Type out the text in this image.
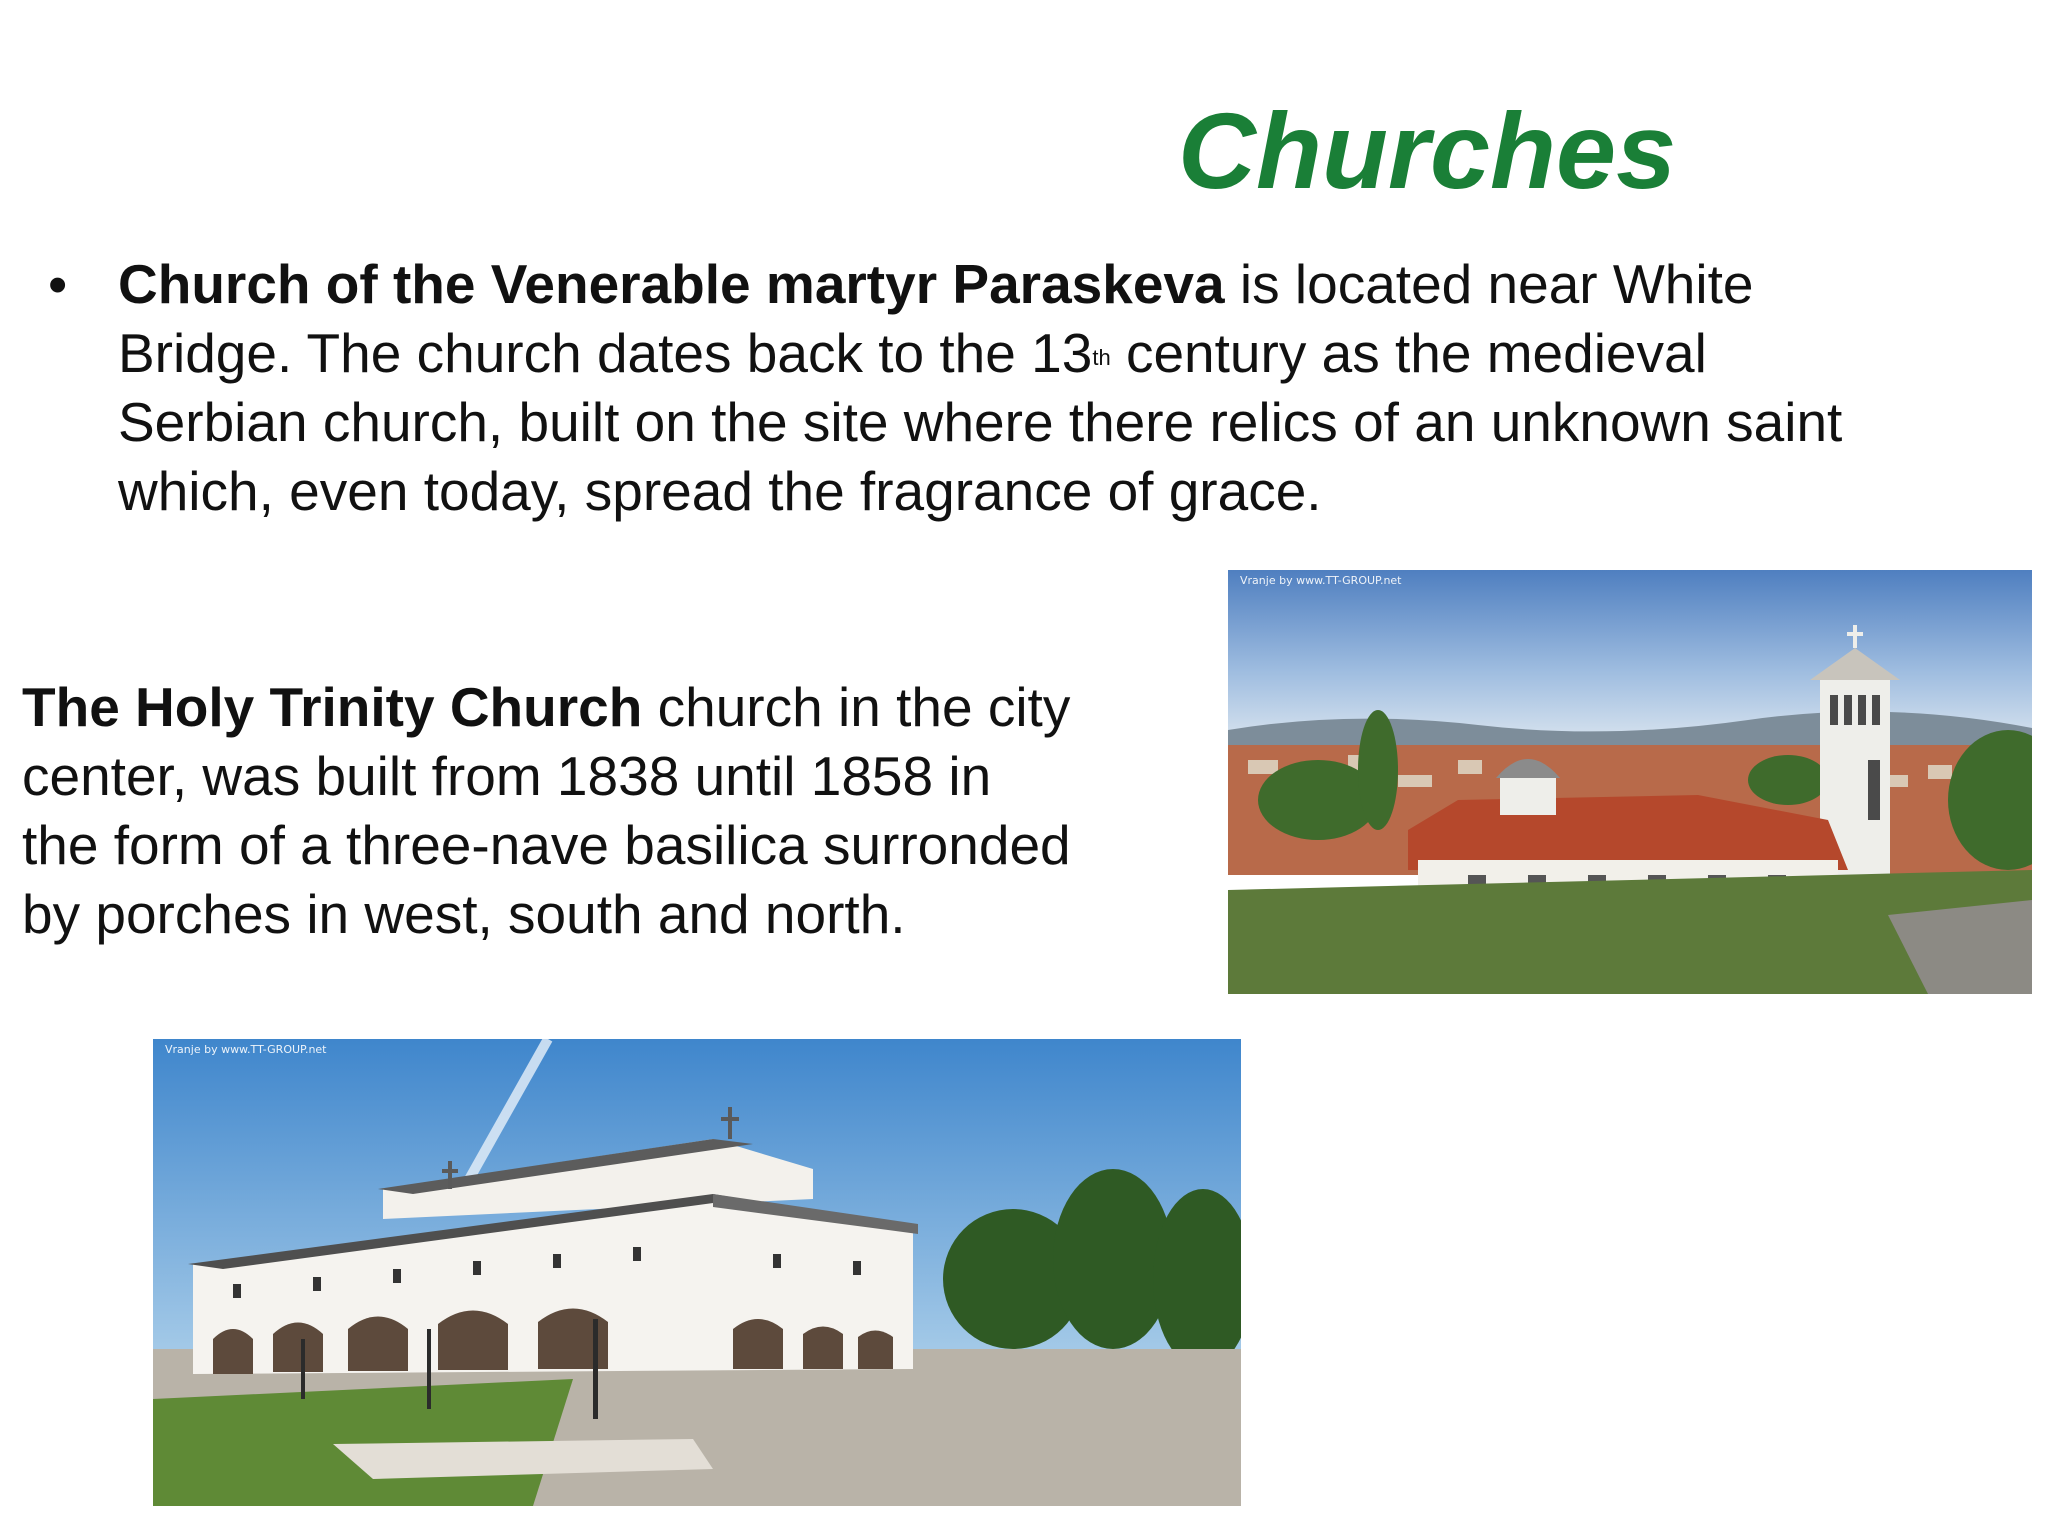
Churches
• Church of the Venerable martyr Paraskeva is located near White Bridge. The church dates back to the 13th century as the medieval Serbian church, built on the site where there relics of an unknown saint which, even today, spread the fragrance of grace.
The Holy Trinity Church church in the city center, was built from 1838 until 1858 in the form of a three-nave basilica surronded by porches in west, south and north.
Vranje by www.TT-GROUP.net
Vranje by www.TT-GROUP.net
